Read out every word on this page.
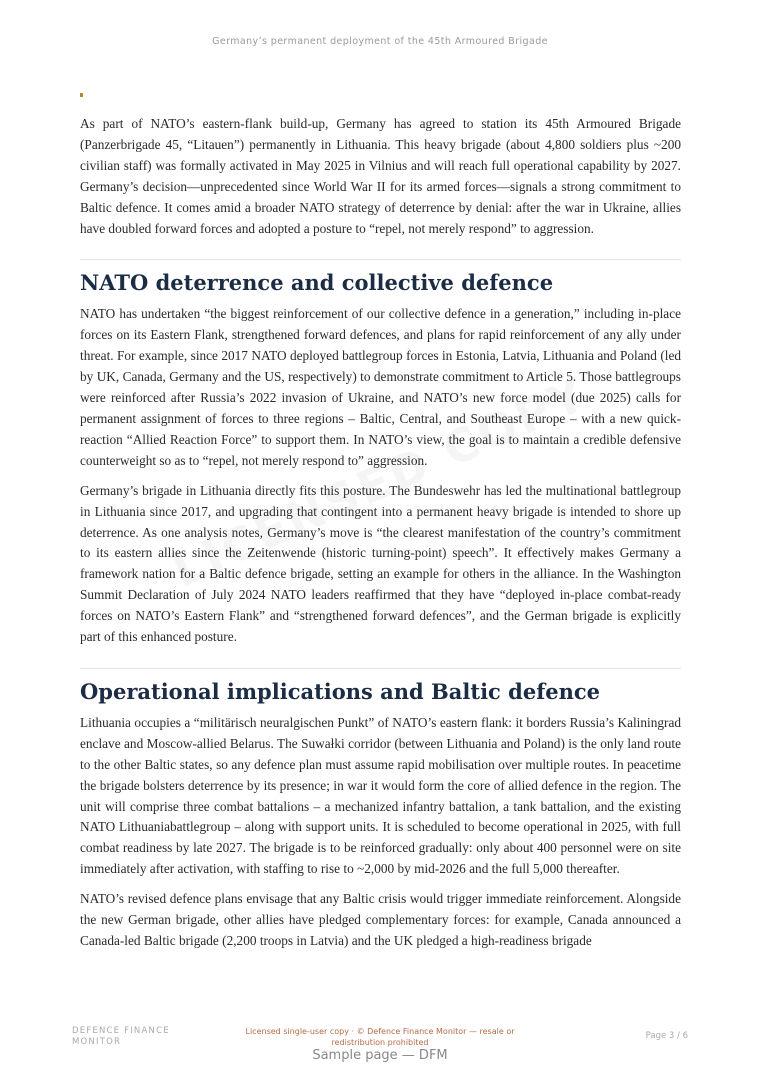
Germany’s permanent deployment of the 45th Armoured Brigade

As part of NATO’s eastern-flank build-up, Germany has agreed to station its 45th Armoured Brigade (Panzerbrigade 45, “Litauen”) permanently in Lithuania. This heavy brigade (about 4,800 soldiers plus ~200 civilian staff) was formally activated in May 2025 in Vilnius and will reach full operational capability by 2027. Germany’s decision—unprecedented since World War II for its armed forces—signals a strong commitment to Baltic defence. It comes amid a broader NATO strategy of deterrence by denial: after the war in Ukraine, allies have doubled forward forces and adopted a posture to “repel, not merely respond” to aggression.

NATO deterrence and collective defence

NATO has undertaken “the biggest reinforcement of our collective defence in a generation,” including in-place forces on its Eastern Flank, strengthened forward defences, and plans for rapid reinforcement of any ally under threat. For example, since 2017 NATO deployed battlegroup forces in Estonia, Latvia, Lithuania and Poland (led by UK, Canada, Germany and the US, respectively) to demonstrate commitment to Article 5. Those battlegroups were reinforced after Russia’s 2022 invasion of Ukraine, and NATO’s new force model (due 2025) calls for permanent assignment of forces to three regions – Baltic, Central, and Southeast Europe – with a new quick-reaction “Allied Reaction Force” to support them. In NATO’s view, the goal is to maintain a credible defensive counterweight so as to “repel, not merely respond to” aggression.

Germany’s brigade in Lithuania directly fits this posture. The Bundeswehr has led the multinational battlegroup in Lithuania since 2017, and upgrading that contingent into a permanent heavy brigade is intended to shore up deterrence. As one analysis notes, Germany’s move is “the clearest manifestation of the country’s commitment to its eastern allies since the Zeitenwende (historic turning-point) speech”. It effectively makes Germany a framework nation for a Baltic defence brigade, setting an example for others in the alliance. In the Washington Summit Declaration of July 2024 NATO leaders reaffirmed that they have “deployed in-place combat-ready forces on NATO’s Eastern Flank” and “strengthened forward defences”, and the German brigade is explicitly part of this enhanced posture.

Operational implications and Baltic defence

Lithuania occupies a “militärisch neuralgischen Punkt” of NATO’s eastern flank: it borders Russia’s Kaliningrad enclave and Moscow-allied Belarus. The Suwałki corridor (between Lithuania and Poland) is the only land route to the other Baltic states, so any defence plan must assume rapid mobilisation over multiple routes. In peacetime the brigade bolsters deterrence by its presence; in war it would form the core of allied defence in the region. The unit will comprise three combat battalions – a mechanized infantry battalion, a tank battalion, and the existing NATO Lithuaniabattlegroup – along with support units. It is scheduled to become operational in 2025, with full combat readiness by late 2027. The brigade is to be reinforced gradually: only about 400 personnel were on site immediately after activation, with staffing to rise to ~2,000 by mid-2026 and the full 5,000 thereafter.

NATO’s revised defence plans envisage that any Baltic crisis would trigger immediate reinforcement. Alongside the new German brigade, other allies have pledged complementary forces: for example, Canada announced a Canada-led Baltic brigade (2,200 troops in Latvia) and the UK pledged a high-readiness brigade

DEFENCE FINANCE
MONITOR
Licensed single-user copy · © Defence Finance Monitor — resale or redistribution prohibited
Page 3 / 6
Sample page — DFM
